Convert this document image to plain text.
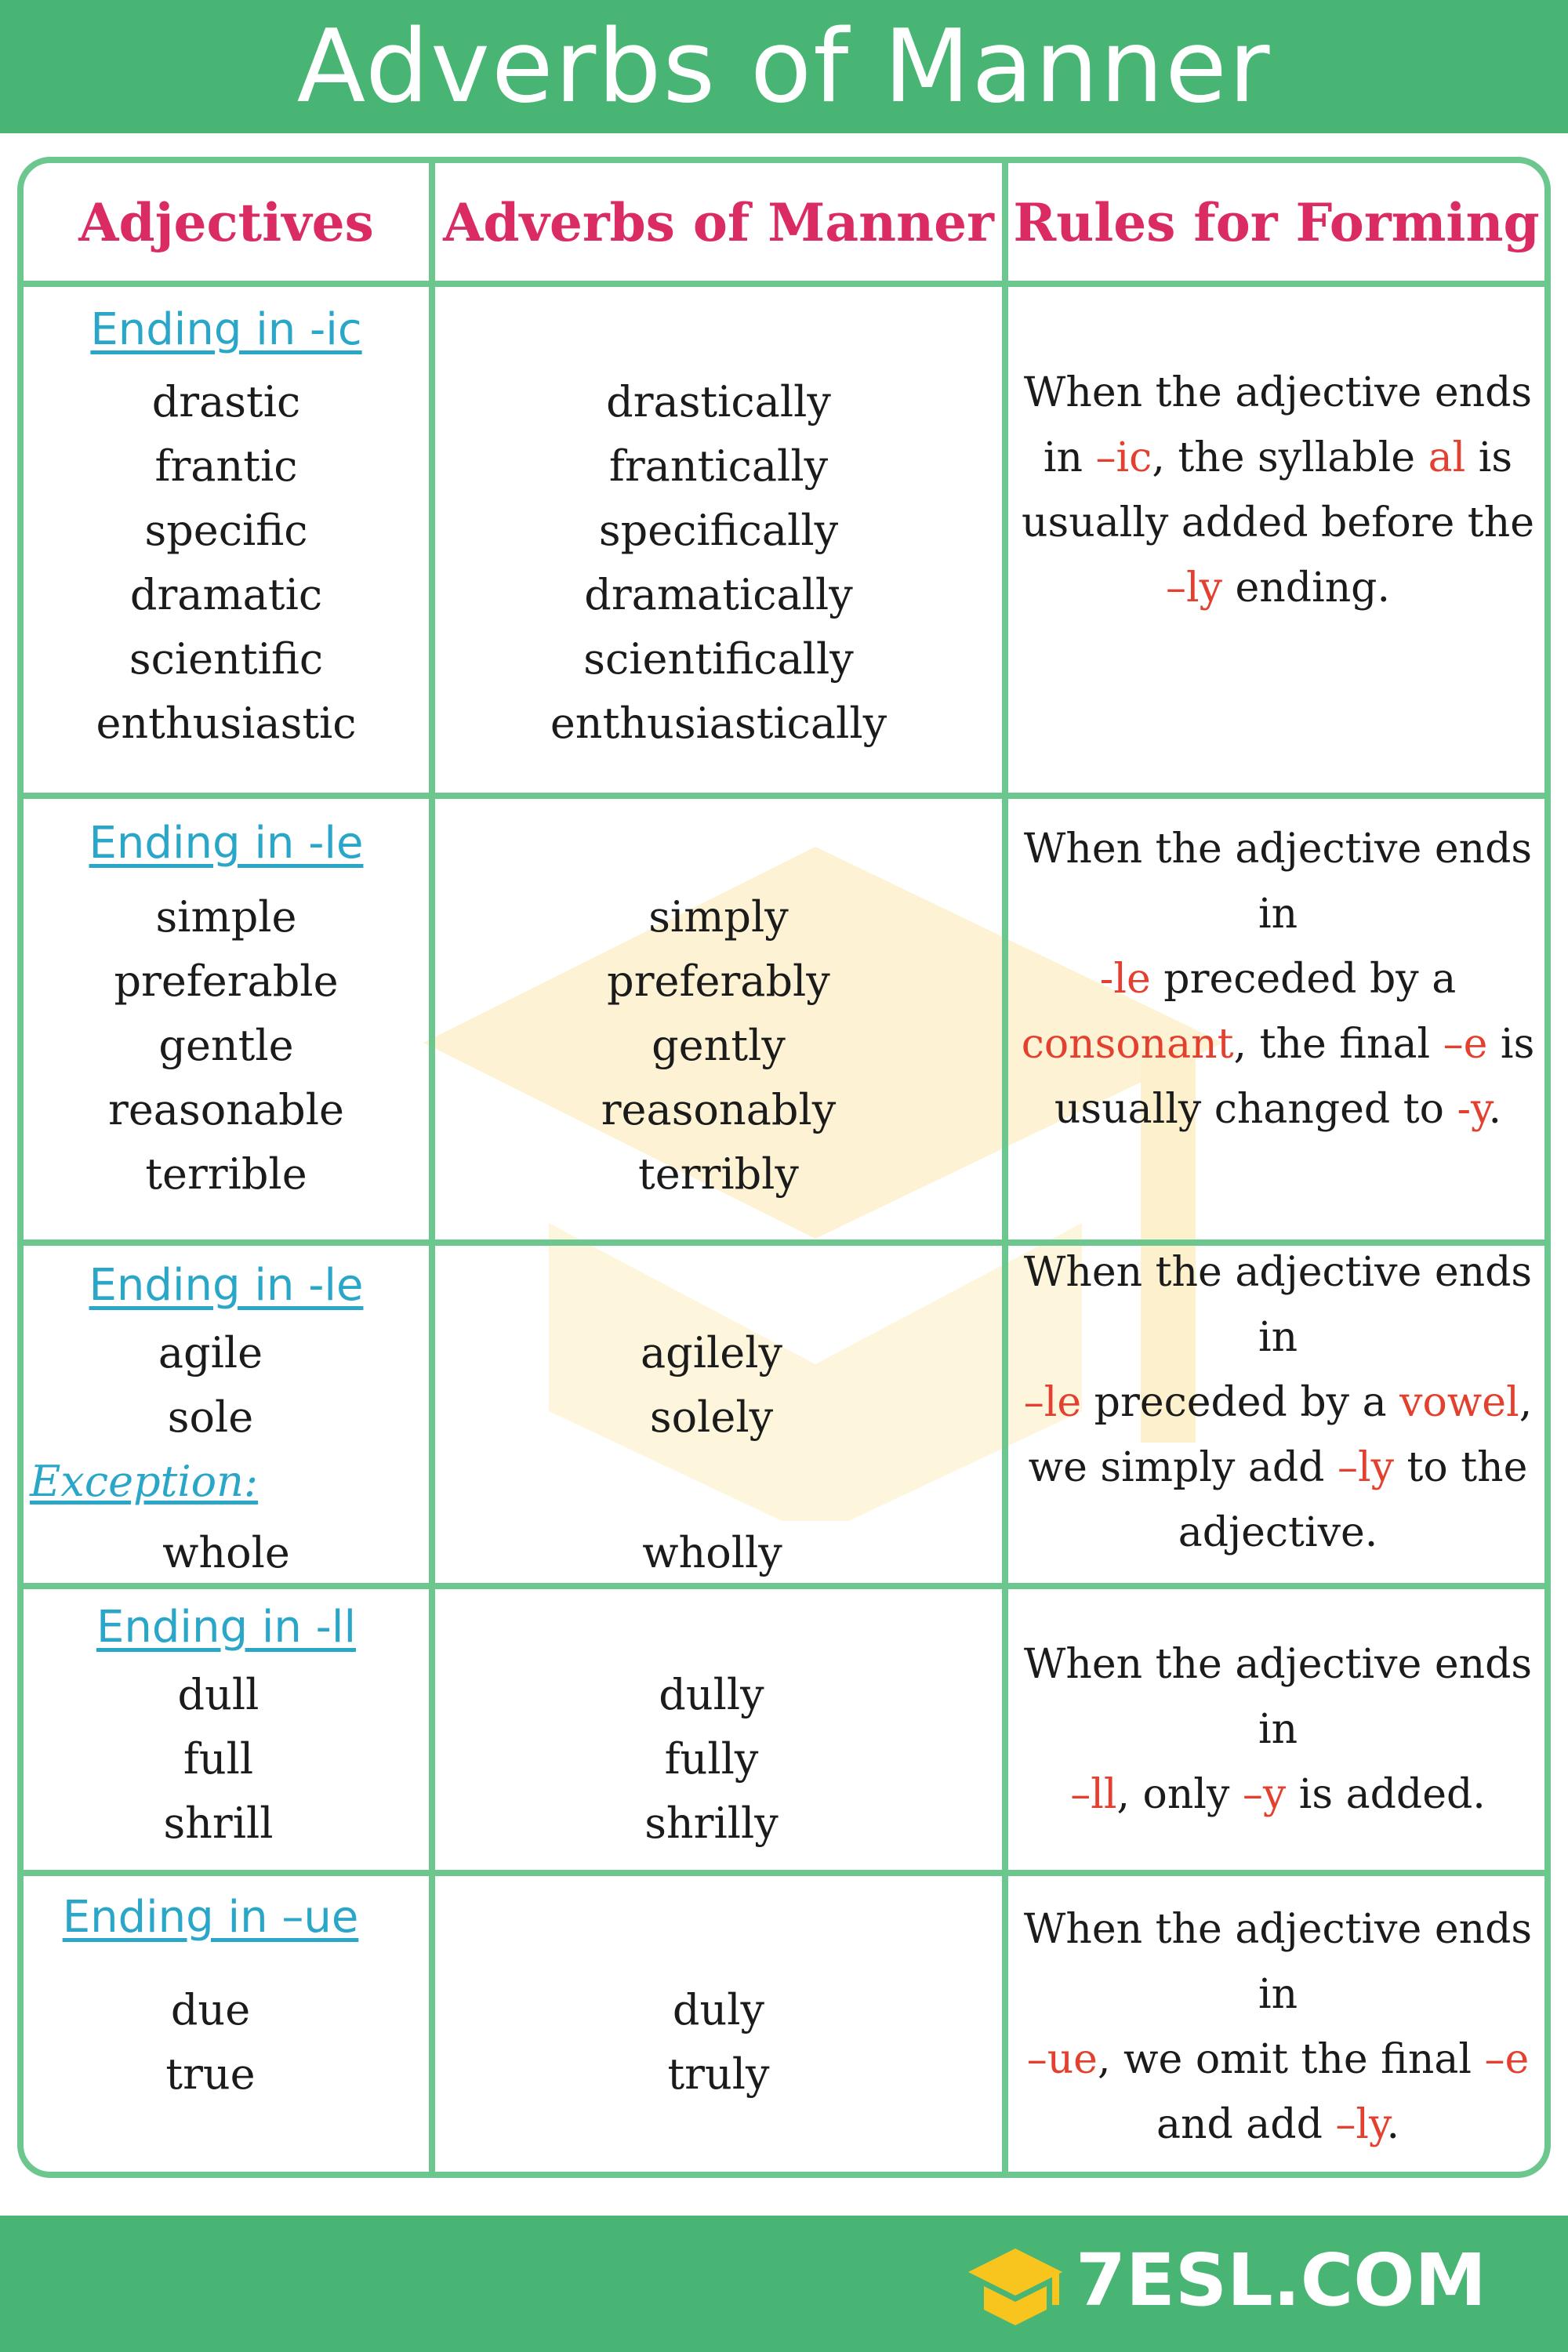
Adverbs of Manner
Adjectives	Adverbs of Manner Rules for Forming
Ending in -ic
drastic
frantic
specific
dramatic
scientific
enthusiastic
drastically
frantically
specifically
dramatically
scientifically
enthusiastically
When the adjective ends
in –ic, the syllable al is
usually added before the
–ly ending.
Ending in -le
simple
preferable
gentle
reasonable
terrible
simply
preferably
gently
reasonably
terribly
When the adjective ends in
-le preceded by a
consonant, the final –e is
usually changed to -y.
Ending in -le
agile
sole
Exception:
whole
agilely
solely
wholly
When the adjective ends in
–le preceded by a vowel,
we simply add –ly to the
adjective.
Ending in -ll
dull
full
shrill
dully
fully
shrilly
When the adjective ends in
–ll, only –y is added.
Ending in –ue
due
true
duly
truly
When the adjective ends in
–ue, we omit the final –e
and add –ly.
7ESL.COM
